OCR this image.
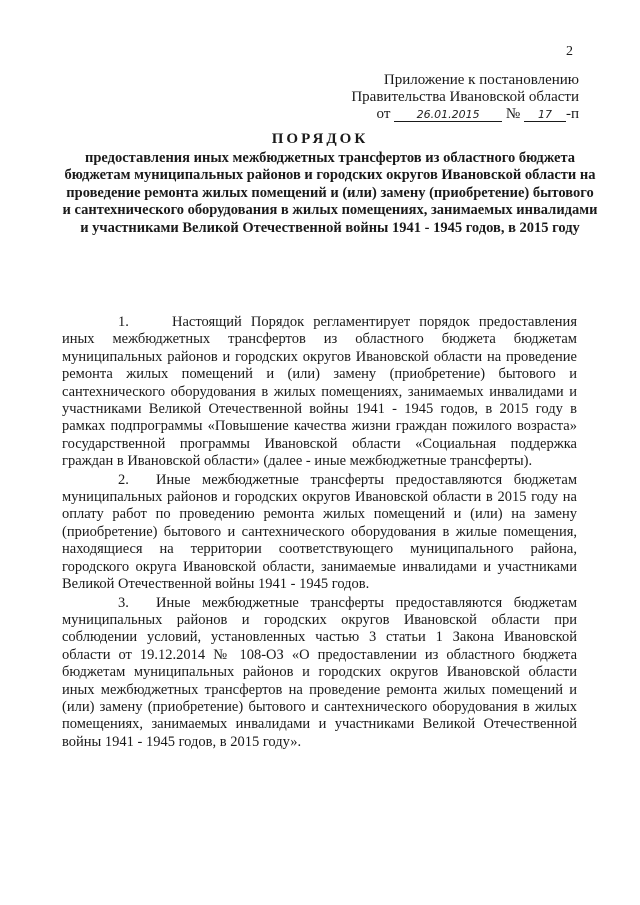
2
Приложение к постановлению
Правительства Ивановской области
от 26.01.2015 № 17 -п
ПОРЯДОК
предоставления иных межбюджетных трансфертов из областного бюджета бюджетам муниципальных районов и городских округов Ивановской области на проведение ремонта жилых помещений и (или) замену (приобретение) бытового и сантехнического оборудования в жилых помещениях, занимаемых инвалидами и участниками Великой Отечественной войны 1941 - 1945 годов, в 2015 году

1.	Настоящий Порядок регламентирует порядок предоставления иных межбюджетных трансфертов из областного бюджета бюджетам муниципальных районов и городских округов Ивановской области на проведение ремонта жилых помещений и (или) замену (приобретение) бытового и сантехнического оборудования в жилых помещениях, занимаемых инвалидами и участниками Великой Отечественной войны 1941 - 1945 годов, в 2015 году в рамках подпрограммы «Повышение качества жизни граждан пожилого возраста» государственной программы Ивановской области «Социальная поддержка граждан в Ивановской области» (далее - иные межбюджетные трансферты).

2. Иные межбюджетные трансферты предоставляются бюджетам муниципальных районов и городских округов Ивановской области в 2015 году на оплату работ по проведению ремонта жилых помещений и (или) на замену (приобретение) бытового и сантехнического оборудования в жилые помещения, находящиеся на территории соответствующего муниципального района, городского округа Ивановской области, занимаемые инвалидами и участниками Великой Отечественной войны 1941 - 1945 годов.

3. Иные межбюджетные трансферты предоставляются бюджетам муниципальных районов и городских округов Ивановской области при соблюдении условий, установленных частью 3 статьи 1 Закона Ивановской области от 19.12.2014 № 108-ОЗ «О предоставлении из областного бюджета бюджетам муниципальных районов и городских округов Ивановской области иных межбюджетных трансфертов на проведение ремонта жилых помещений и (или) замену (приобретение) бытового и сантехнического оборудования в жилых помещениях, занимаемых инвалидами и участниками Великой Отечественной войны 1941 - 1945 годов, в 2015 году».
